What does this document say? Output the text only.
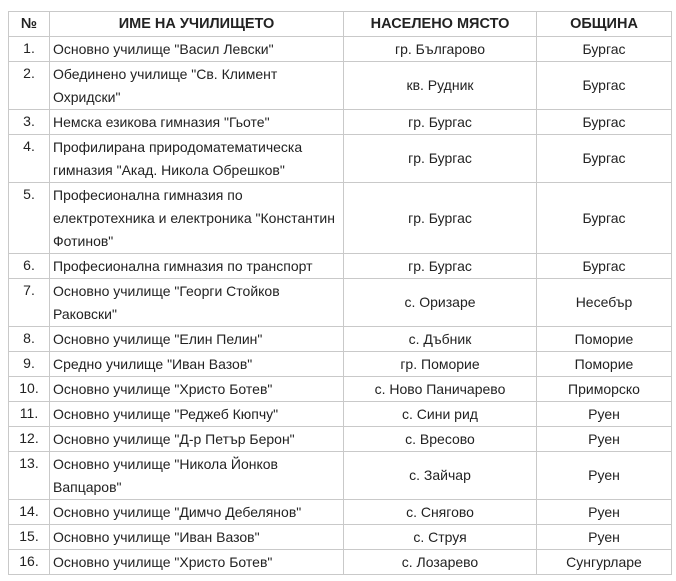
№	ИМЕ НА УЧИЛИЩЕТО	НАСЕЛЕНО МЯСТО	ОБЩИНА
1.	Основно училище "Васил Левски"	гр. Българово	Бургас
2.	Обединено училище "Св. Климент Охридски"	кв. Рудник	Бургас
3.	Немска езикова гимназия "Гьоте"	гр. Бургас	Бургас
4.	Профилирана природоматематическа гимназия "Акад. Никола Обрешков"	гр. Бургас	Бургас
5.	Професионална гимназия по електротехника и електроника "Константин Фотинов"	гр. Бургас	Бургас
6.	Професионална гимназия по транспорт	гр. Бургас	Бургас
7.	Основно училище "Георги Стойков Раковски"	с. Оризаре	Несебър
8.	Основно училище "Елин Пелин"	с. Дъбник	Поморие
9.	Средно училище "Иван Вазов"	гр. Поморие	Поморие
10.	Основно училище "Христо Ботев"	с. Ново Паничарево	Приморско
11.	Основно училище "Реджеб Кюпчу"	с. Сини рид	Руен
12.	Основно училище "Д-р Петър Берон"	с. Вресово	Руен
13.	Основно училище "Никола Йонков Вапцаров"	с. Зайчар	Руен
14.	Основно училище "Димчо Дебелянов"	с. Снягово	Руен
15.	Основно училище "Иван Вазов"	с. Струя	Руен
16.	Основно училище "Христо Ботев"	с. Лозарево	Сунгурларе
